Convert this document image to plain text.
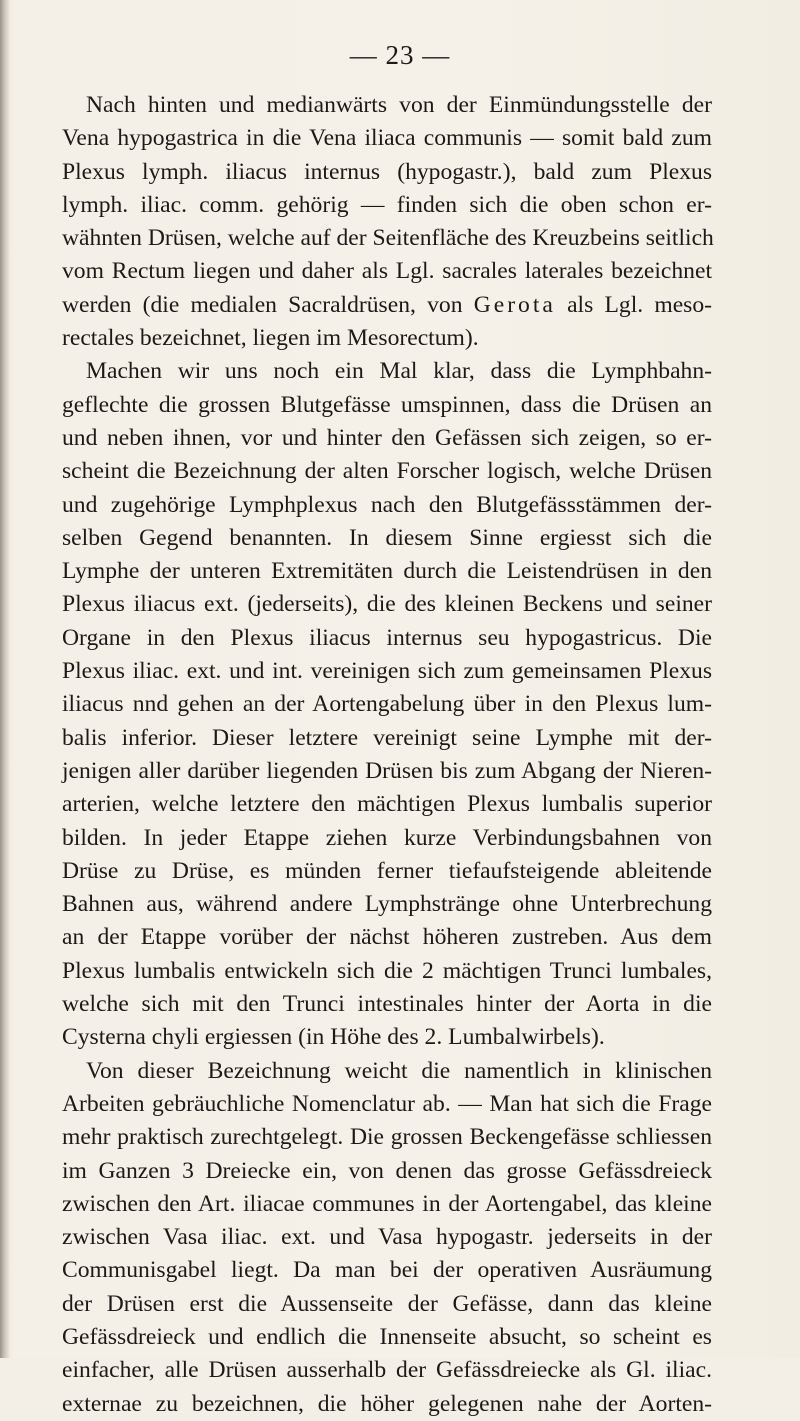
— 23 —

Nach hinten und medianwärts von der Einmündungsstelle der
Vena hypogastrica in die Vena iliaca communis — somit bald zum
Plexus lymph. iliacus internus (hypogastr.), bald zum Plexus
lymph. iliac. comm. gehörig — finden sich die oben schon er-
wähnten Drüsen, welche auf der Seitenfläche des Kreuzbeins seitlich
vom Rectum liegen und daher als Lgl. sacrales laterales bezeichnet
werden (die medialen Sacraldrüsen, von Gerota als Lgl. meso-
rectales bezeichnet, liegen im Mesorectum).
Machen wir uns noch ein Mal klar, dass die Lymphbahn-
geflechte die grossen Blutgefässe umspinnen, dass die Drüsen an
und neben ihnen, vor und hinter den Gefässen sich zeigen, so er-
scheint die Bezeichnung der alten Forscher logisch, welche Drüsen
und zugehörige Lymphplexus nach den Blutgefässstämmen der-
selben Gegend benannten. In diesem Sinne ergiesst sich die
Lymphe der unteren Extremitäten durch die Leistendrüsen in den
Plexus iliacus ext. (jederseits), die des kleinen Beckens und seiner
Organe in den Plexus iliacus internus seu hypogastricus. Die
Plexus iliac. ext. und int. vereinigen sich zum gemeinsamen Plexus
iliacus nnd gehen an der Aortengabelung über in den Plexus lum-
balis inferior. Dieser letztere vereinigt seine Lymphe mit der-
jenigen aller darüber liegenden Drüsen bis zum Abgang der Nieren-
arterien, welche letztere den mächtigen Plexus lumbalis superior
bilden. In jeder Etappe ziehen kurze Verbindungsbahnen von
Drüse zu Drüse, es münden ferner tiefaufsteigende ableitende
Bahnen aus, während andere Lymphstränge ohne Unterbrechung
an der Etappe vorüber der nächst höheren zustreben. Aus dem
Plexus lumbalis entwickeln sich die 2 mächtigen Trunci lumbales,
welche sich mit den Trunci intestinales hinter der Aorta in die
Cysterna chyli ergiessen (in Höhe des 2. Lumbalwirbels).
Von dieser Bezeichnung weicht die namentlich in klinischen
Arbeiten gebräuchliche Nomenclatur ab. — Man hat sich die Frage
mehr praktisch zurechtgelegt. Die grossen Beckengefässe schliessen
im Ganzen 3 Dreiecke ein, von denen das grosse Gefässdreieck
zwischen den Art. iliacae communes in der Aortengabel, das kleine
zwischen Vasa iliac. ext. und Vasa hypogastr. jederseits in der
Communisgabel liegt. Da man bei der operativen Ausräumung
der Drüsen erst die Aussenseite der Gefässe, dann das kleine
Gefässdreieck und endlich die Innenseite absucht, so scheint es
einfacher, alle Drüsen ausserhalb der Gefässdreiecke als Gl. iliac.
externae zu bezeichnen, die höher gelegenen nahe der Aorten-
